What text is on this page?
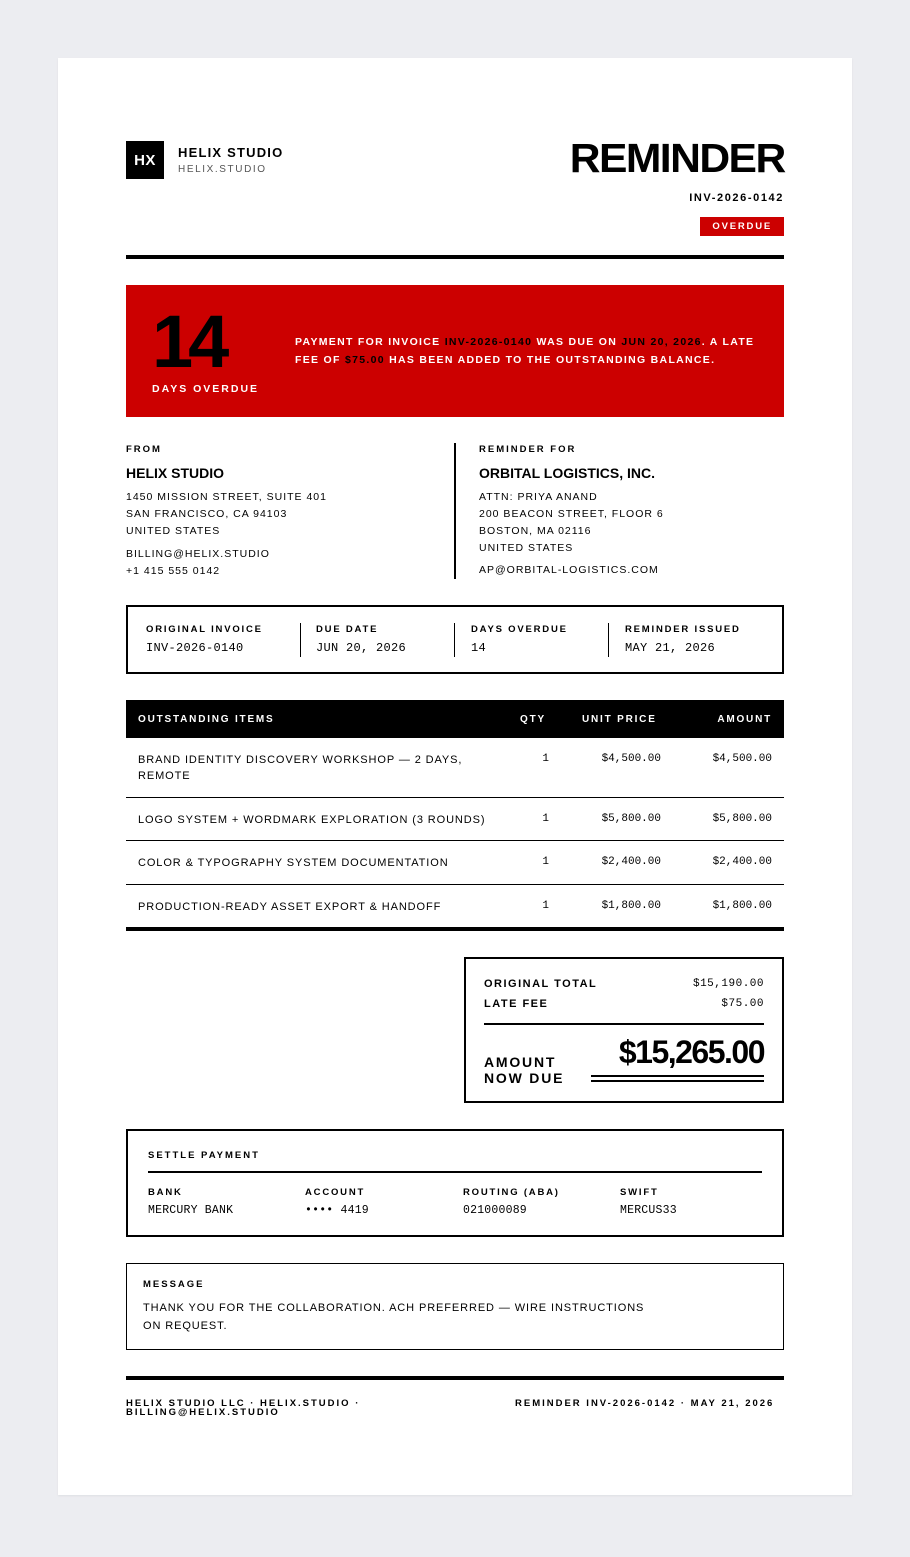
HX	HELIX STUDIO
HELIX.STUDIO	REMINDER
INV-2026-0142
OVERDUE
14
DAYS OVERDUE
PAYMENT FOR INVOICE INV-2026-0140 WAS DUE ON JUN 20, 2026. A LATE FEE OF $75.00 HAS BEEN ADDED TO THE OUTSTANDING BALANCE.
FROM
HELIX STUDIO
1450 MISSION STREET, SUITE 401
SAN FRANCISCO, CA 94103
UNITED STATES
BILLING@HELIX.STUDIO
+1 415 555 0142
REMINDER FOR
ORBITAL LOGISTICS, INC.
ATTN: PRIYA ANAND
200 BEACON STREET, FLOOR 6
BOSTON, MA 02116
UNITED STATES
AP@ORBITAL-LOGISTICS.COM
ORIGINAL INVOICE
INV-2026-0140
DUE DATE
JUN 20, 2026
DAYS OVERDUE
14
REMINDER ISSUED
MAY 21, 2026
OUTSTANDING ITEMS	QTY	UNIT PRICE	AMOUNT
BRAND IDENTITY DISCOVERY WORKSHOP — 2 DAYS, REMOTE
1	$4,500.00	$4,500.00
LOGO SYSTEM + WORDMARK EXPLORATION (3 ROUNDS)	1	$5,800.00	$5,800.00
COLOR & TYPOGRAPHY SYSTEM DOCUMENTATION	1	$2,400.00	$2,400.00
PRODUCTION-READY ASSET EXPORT & HANDOFF	1	$1,800.00	$1,800.00
ORIGINAL TOTAL	$15,190.00
LATE FEE	$75.00
AMOUNT
NOW DUE
$15,265.00
SETTLE PAYMENT
BANK
MERCURY BANK
ACCOUNT
•••• 4419
ROUTING (ABA)
021000089
SWIFT
MERCUS33
MESSAGE
THANK YOU FOR THE COLLABORATION. ACH PREFERRED — WIRE INSTRUCTIONS ON REQUEST.
HELIX STUDIO LLC · HELIX.STUDIO · BILLING@HELIX.STUDIO
REMINDER INV-2026-0142 · MAY 21, 2026
